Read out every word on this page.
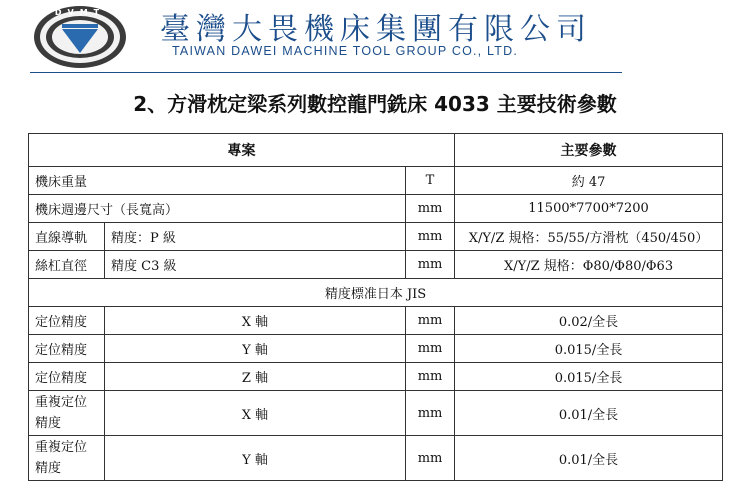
DVMT 臺灣大畏機床集團有限公司
TAIWAN DAWEI MACHINE TOOL GROUP CO., LTD.
2、方滑枕定梁系列數控龍門銑床 4033 主要技術參數
專案			主要參數
機床重量		T	約 47
機床週邊尺寸（長寬高）		mm	11500*7700*7200
直線導軌	精度：P 級	mm	X/Y/Z 規格：55/55/方滑枕（450/450）
絲杠直徑	精度 C3 級	mm	X/Y/Z 規格：Φ80/Φ80/Φ63
精度標准日本 JIS			
定位精度	X 軸	mm	0.02/全長
定位精度	Y 軸	mm	0.015/全長
定位精度	Z 軸	mm	0.015/全長
重複定位精度	X 軸	mm	0.01/全長
重複定位精度	Y 軸	mm	0.01/全長
